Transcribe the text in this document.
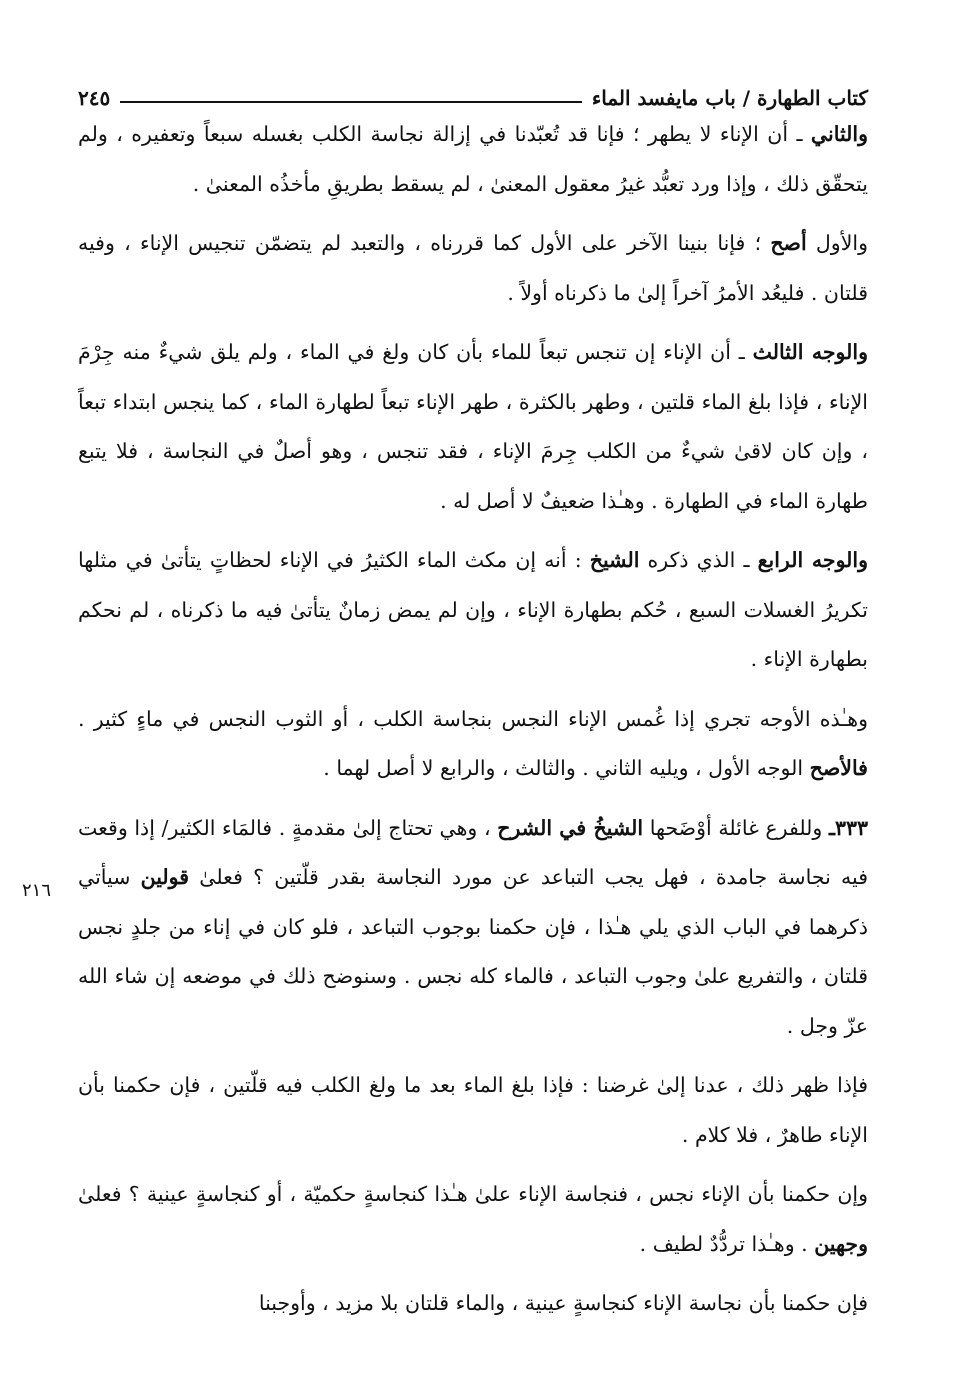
كتاب الطهارة / باب مايفسد الماء
٢٤٥

والثاني ـ أن الإناء لا يطهر ؛ فإنا قد تُعبّدنا في إزالة نجاسة الكلب بغسله سبعاً وتعفيره ، ولم يتحقّق ذلك ، وإذا ورد تعبُّد غيرُ معقول المعنىٰ ، لم يسقط بطريقِ مأخذُه المعنىٰ .

والأول أصح ؛ فإنا بنينا الآخر على الأول كما قررناه ، والتعبد لم يتضمّن تنجيس الإناء ، وفيه قلتان . فليعُد الأمرُ آخراً إلىٰ ما ذكرناه أولاً .

والوجه الثالث ـ أن الإناء إن تنجس تبعاً للماء بأن كان ولغ في الماء ، ولم يلق شيءٌ منه جِرْمَ الإناء ، فإذا بلغ الماء قلتين ، وطهر بالكثرة ، طهر الإناء تبعاً لطهارة الماء ، كما ينجس ابتداء تبعاً ، وإن كان لاقىٰ شيءٌ من الكلب جِرمَ الإناء ، فقد تنجس ، وهو أصلٌ في النجاسة ، فلا يتبع طهارة الماء في الطهارة . وهـٰذا ضعيفٌ لا أصل له .

والوجه الرابع ـ الذي ذكره الشيخ : أنه إن مكث الماء الكثيرُ في الإناء لحظاتٍ يتأتىٰ في مثلها تكريرُ الغسلات السبع ، حُكم بطهارة الإناء ، وإن لم يمض زمانٌ يتأتىٰ فيه ما ذكرناه ، لم نحكم بطهارة الإناء .

وهـٰذه الأوجه تجري إذا غُمس الإناء النجس بنجاسة الكلب ، أو الثوب النجس في ماءٍ كثير . فالأصح الوجه الأول ، ويليه الثاني . والثالث ، والرابع لا أصل لهما .

٣٣٣ـ وللفرع غائلة أوْضَحها الشيخُ في الشرح ، وهي تحتاج إلىٰ مقدمةٍ . فالمَاء الكثير/ إذا وقعت فيه نجاسة جامدة ، فهل يجب التباعد عن مورد النجاسة بقدر قلّتين ؟ فعلىٰ قولين سيأتي ذكرهما في الباب الذي يلي هـٰذا ، فإن حكمنا بوجوب التباعد ، فلو كان في إناء من جلدٍ نجس قلتان ، والتفريع علىٰ وجوب التباعد ، فالماء كله نجس . وسنوضح ذلك في موضعه إن شاء الله عزّ وجل .

فإذا ظهر ذلك ، عدنا إلىٰ غرضنا : فإذا بلغ الماء بعد ما ولغ الكلب فيه قلّتين ، فإن حكمنا بأن الإناء طاهرٌ ، فلا كلام .

وإن حكمنا بأن الإناء نجس ، فنجاسة الإناء علىٰ هـٰذا كنجاسةٍ حكميّة ، أو كنجاسةٍ عينية ؟ فعلىٰ وجهين . وهـٰذا تردُّدٌ لطيف .

فإن حكمنا بأن نجاسة الإناء كنجاسةٍ عينية ، والماء قلتان بلا مزيد ، وأوجبنا

٢١٦
